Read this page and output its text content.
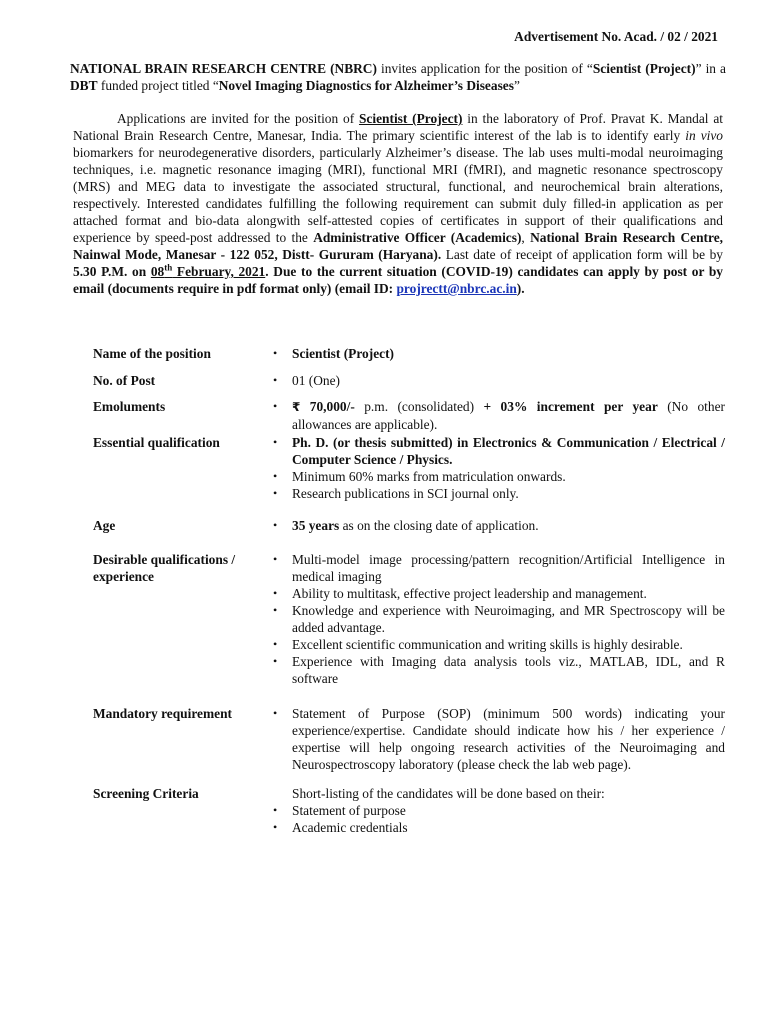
Advertisement No. Acad. / 02 / 2021
NATIONAL BRAIN RESEARCH CENTRE (NBRC) invites application for the position of “Scientist (Project)” in a DBT funded project titled “Novel Imaging Diagnostics for Alzheimer’s Diseases”
Applications are invited for the position of Scientist (Project) in the laboratory of Prof. Pravat K. Mandal at National Brain Research Centre, Manesar, India. The primary scientific interest of the lab is to identify early in vivo biomarkers for neurodegenerative disorders, particularly Alzheimer’s disease. The lab uses multi-modal neuroimaging techniques, i.e. magnetic resonance imaging (MRI), functional MRI (fMRI), and magnetic resonance spectroscopy (MRS) and MEG data to investigate the associated structural, functional, and neurochemical brain alterations, respectively. Interested candidates fulfilling the following requirement can submit duly filled-in application as per attached format and bio-data alongwith self-attested copies of certificates in support of their qualifications and experience by speed-post addressed to the Administrative Officer (Academics), National Brain Research Centre, Nainwal Mode, Manesar - 122 052, Distt- Gururam (Haryana). Last date of receipt of application form will be by 5.30 P.M. on 08th February, 2021. Due to the current situation (COVID-19) candidates can apply by post or by email (documents require in pdf format only) (email ID: projrectt@nbrc.ac.in).
Name of the position	• Scientist (Project)
No. of Post	• 01 (One)
Emoluments	• ₹ 70,000/- p.m. (consolidated) + 03% increment per year (No other allowances are applicable).
Essential qualification	• Ph. D. (or thesis submitted) in Electronics & Communication / Electrical / Computer Science / Physics.
• Minimum 60% marks from matriculation onwards.
• Research publications in SCI journal only.
Age	• 35 years as on the closing date of application.
Desirable qualifications / experience
• Multi-model image processing/pattern recognition/Artificial Intelligence in medical imaging
• Ability to multitask, effective project leadership and management.
• Knowledge and experience with Neuroimaging, and MR Spectroscopy will be added advantage.
• Excellent scientific communication and writing skills is highly desirable.
• Experience with Imaging data analysis tools viz., MATLAB, IDL, and R software
Mandatory requirement	• Statement of Purpose (SOP) (minimum 500 words) indicating your experience/expertise. Candidate should indicate how his / her experience / expertise will help ongoing research activities of the Neuroimaging and Neurospectroscopy laboratory (please check the lab web page).
Screening Criteria	Short-listing of the candidates will be done based on their:
• Statement of purpose
• Academic credentials
